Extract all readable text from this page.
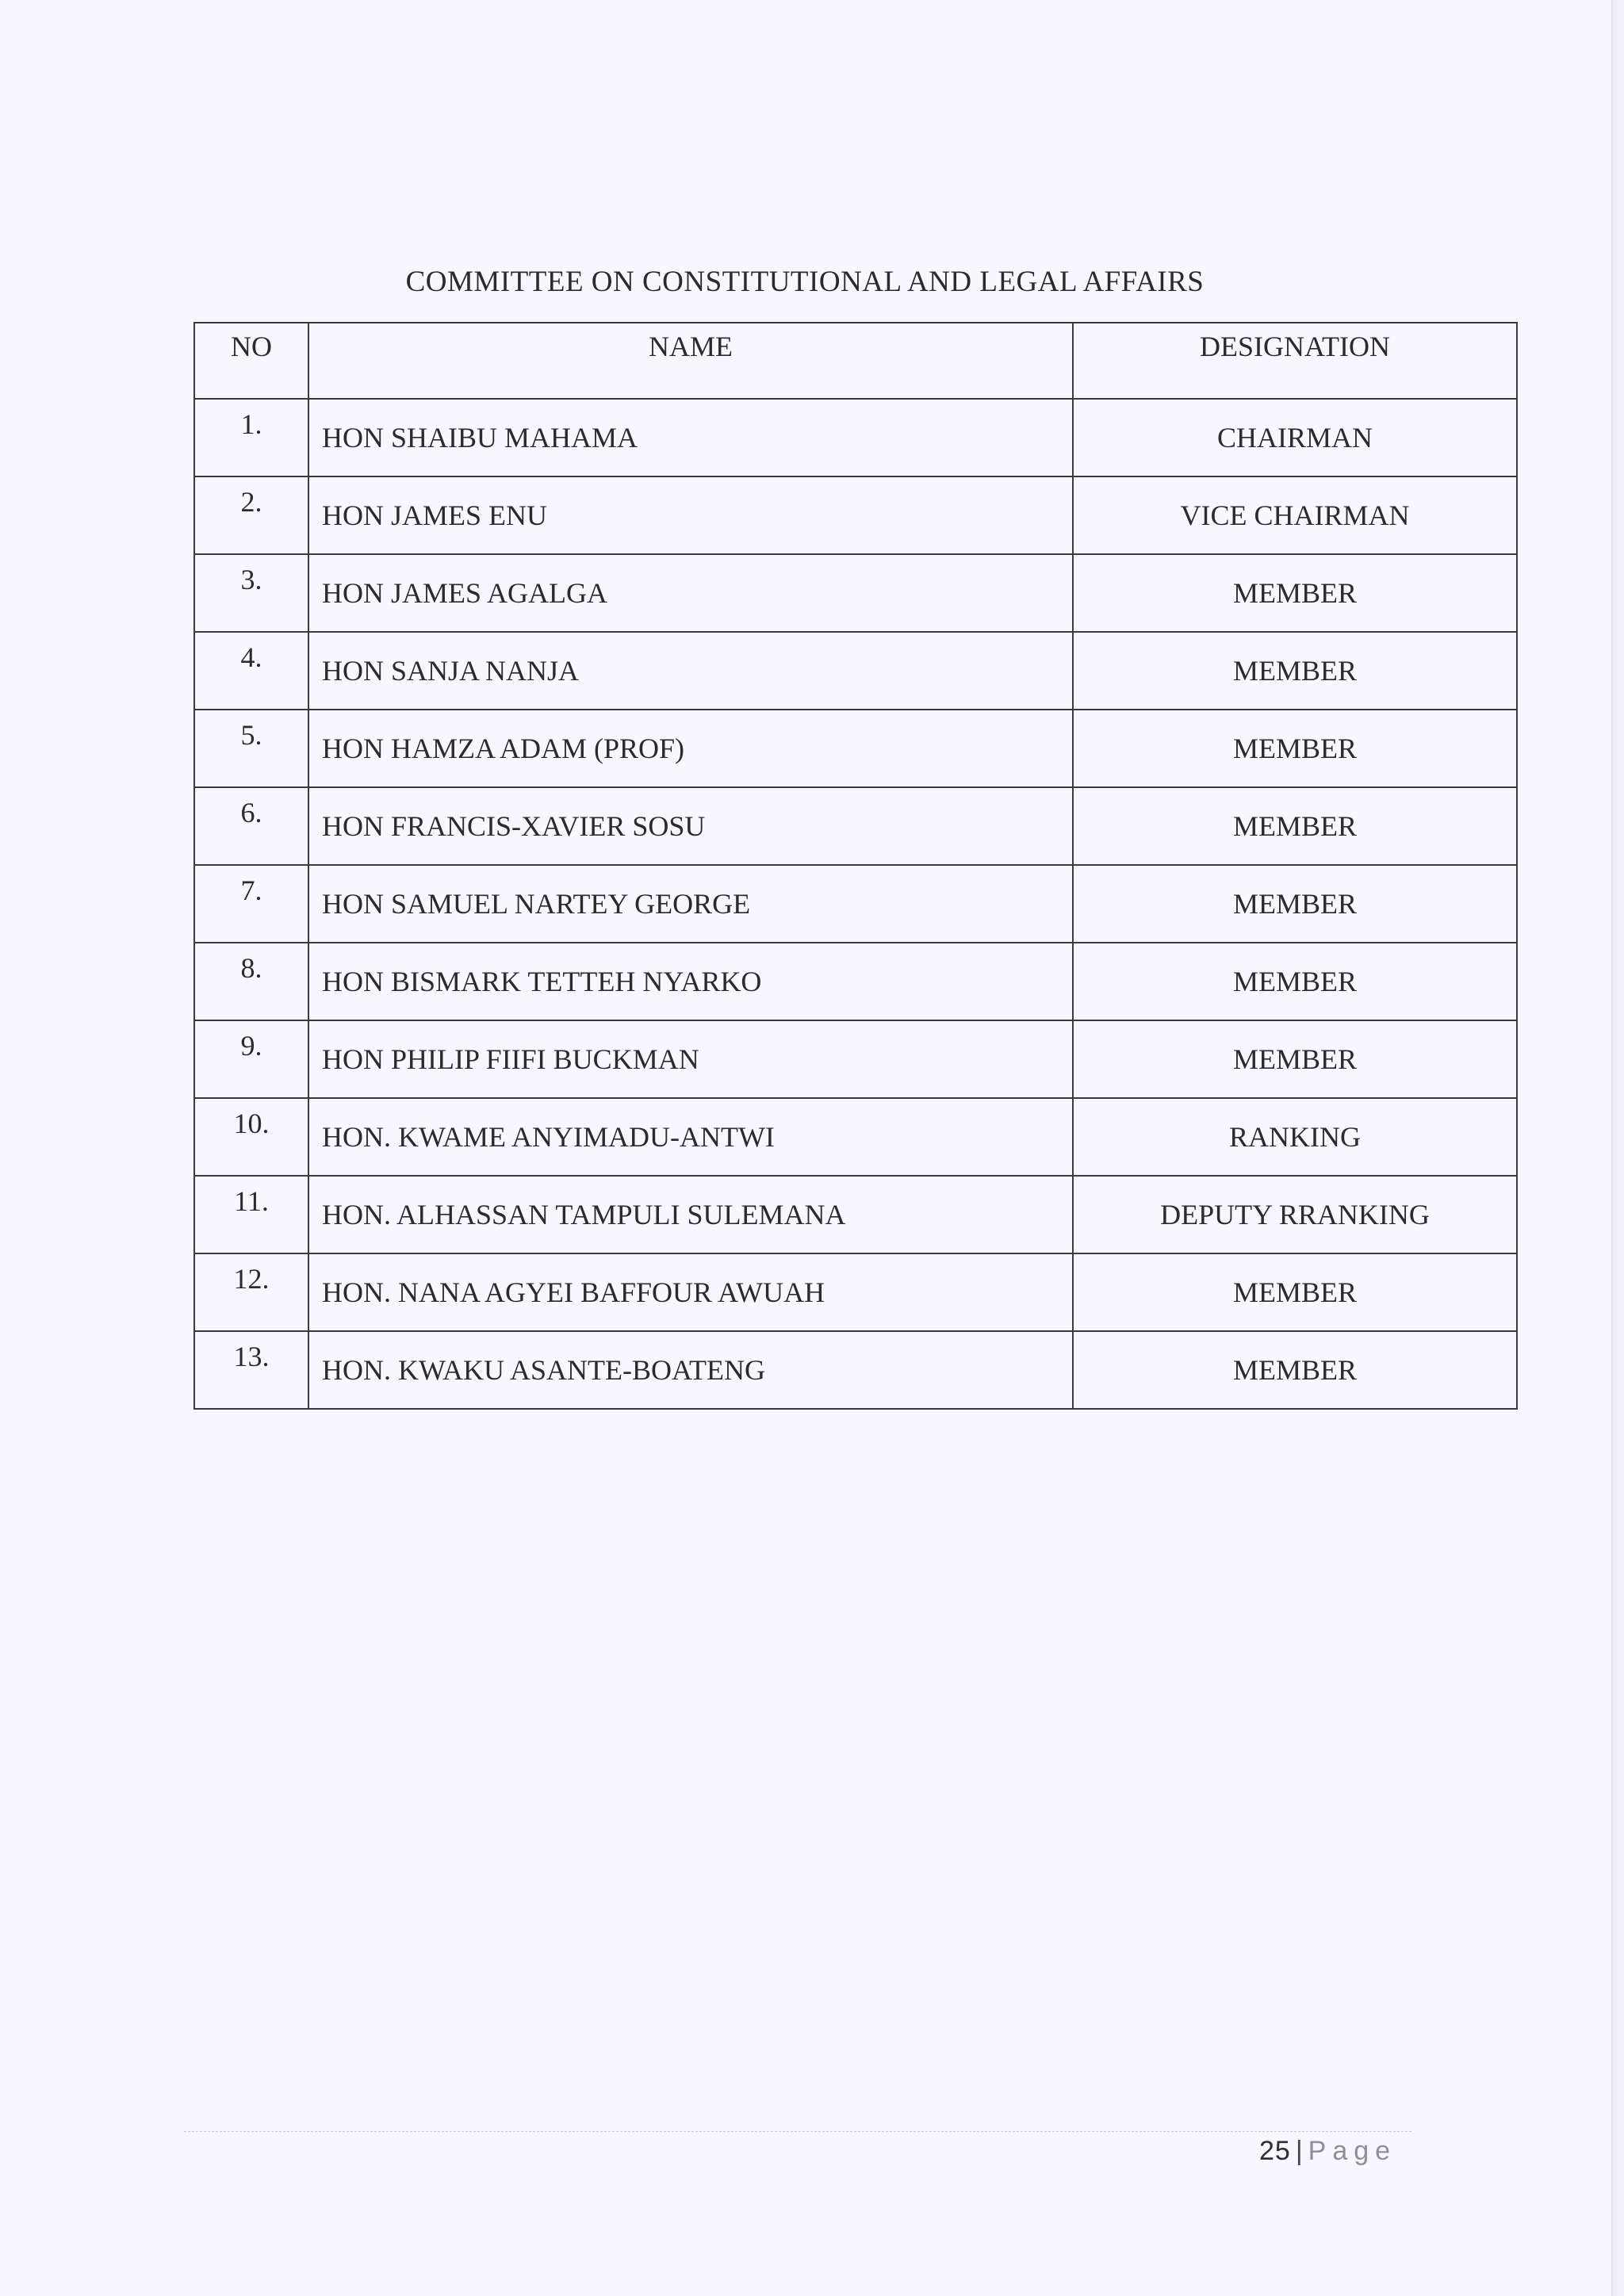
COMMITTEE ON CONSTITUTIONAL AND LEGAL AFFAIRS
NO	NAME	DESIGNATION
1.	HON SHAIBU MAHAMA	CHAIRMAN
2.	HON JAMES ENU	VICE CHAIRMAN
3.	HON JAMES AGALGA	MEMBER
4.	HON SANJA NANJA	MEMBER
5.	HON HAMZA ADAM (PROF)	MEMBER
6.	HON FRANCIS-XAVIER SOSU	MEMBER
7.	HON SAMUEL NARTEY GEORGE	MEMBER
8.	HON BISMARK TETTEH NYARKO	MEMBER
9.	HON PHILIP FIIFI BUCKMAN	MEMBER
10.	HON. KWAME ANYIMADU-ANTWI	RANKING
11.	HON. ALHASSAN TAMPULI SULEMANA	DEPUTY RRANKING
12.	HON. NANA AGYEI BAFFOUR AWUAH	MEMBER
13.	HON. KWAKU ASANTE-BOATENG	MEMBER
25 | Page
